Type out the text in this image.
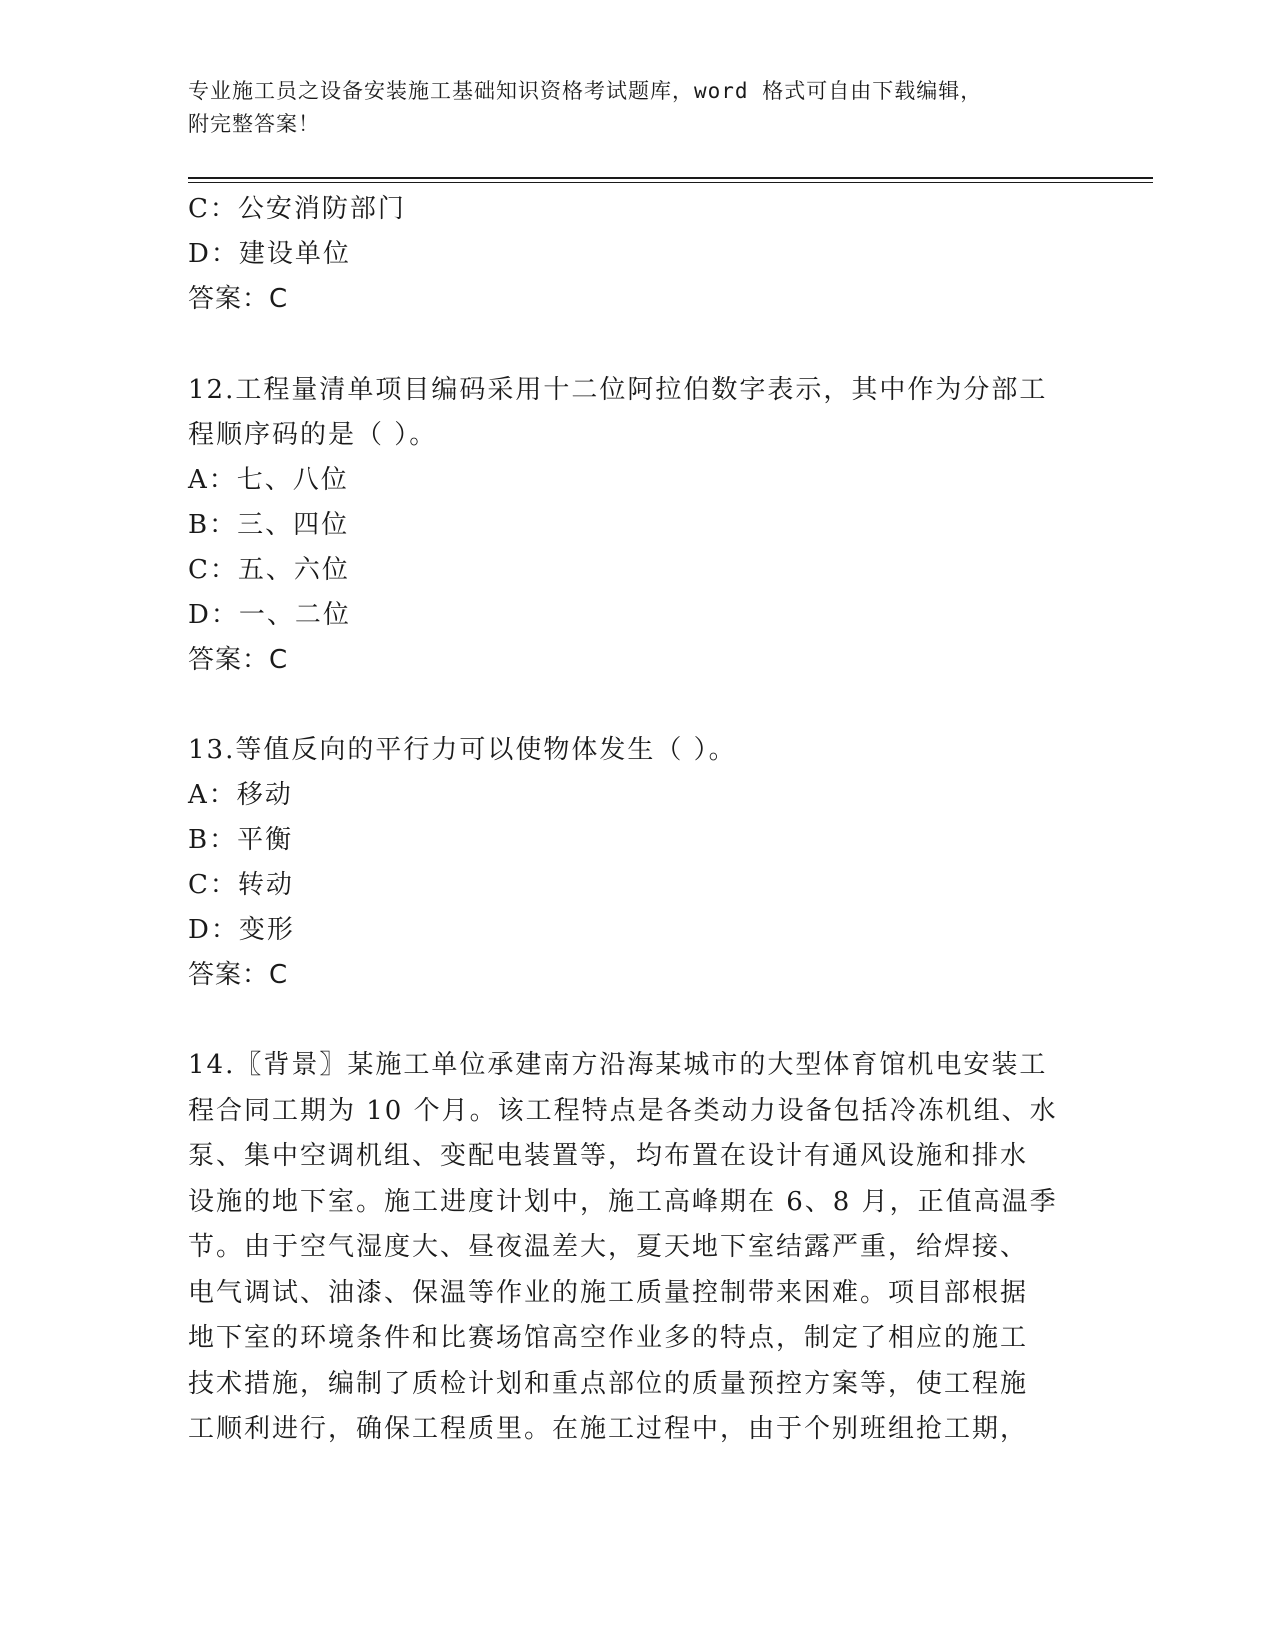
专业施工员之设备安装施工基础知识资格考试题库，word 格式可自由下载编辑，
附完整答案！
C：公安消防部门
D：建设单位
答案：C
12.工程量清单项目编码采用十二位阿拉伯数字表示，其中作为分部工
程顺序码的是（ ）。
A：七、八位
B：三、四位
C：五、六位
D：一、二位
答案：C
13.等值反向的平行力可以使物体发生（ ）。
A：移动
B：平衡
C：转动
D：变形
答案：C

14.〖背景〗某施工单位承建南方沿海某城市的大型体育馆机电安装工

程合同工期为 10 个月。该工程特点是各类动力设备包括冷冻机组、水

泵、集中空调机组、变配电装置等，均布置在设计有通风设施和排水

设施的地下室。施工进度计划中，施工高峰期在 6、8 月，正值高温季

节。由于空气湿度大、昼夜温差大，夏天地下室结露严重，给焊接、

电气调试、油漆、保温等作业的施工质量控制带来困难。项目部根据

地下室的环境条件和比赛场馆高空作业多的特点，制定了相应的施工

技术措施，编制了质检计划和重点部位的质量预控方案等，使工程施

工顺利进行，确保工程质里。在施工过程中，由于个别班组抢工期，
